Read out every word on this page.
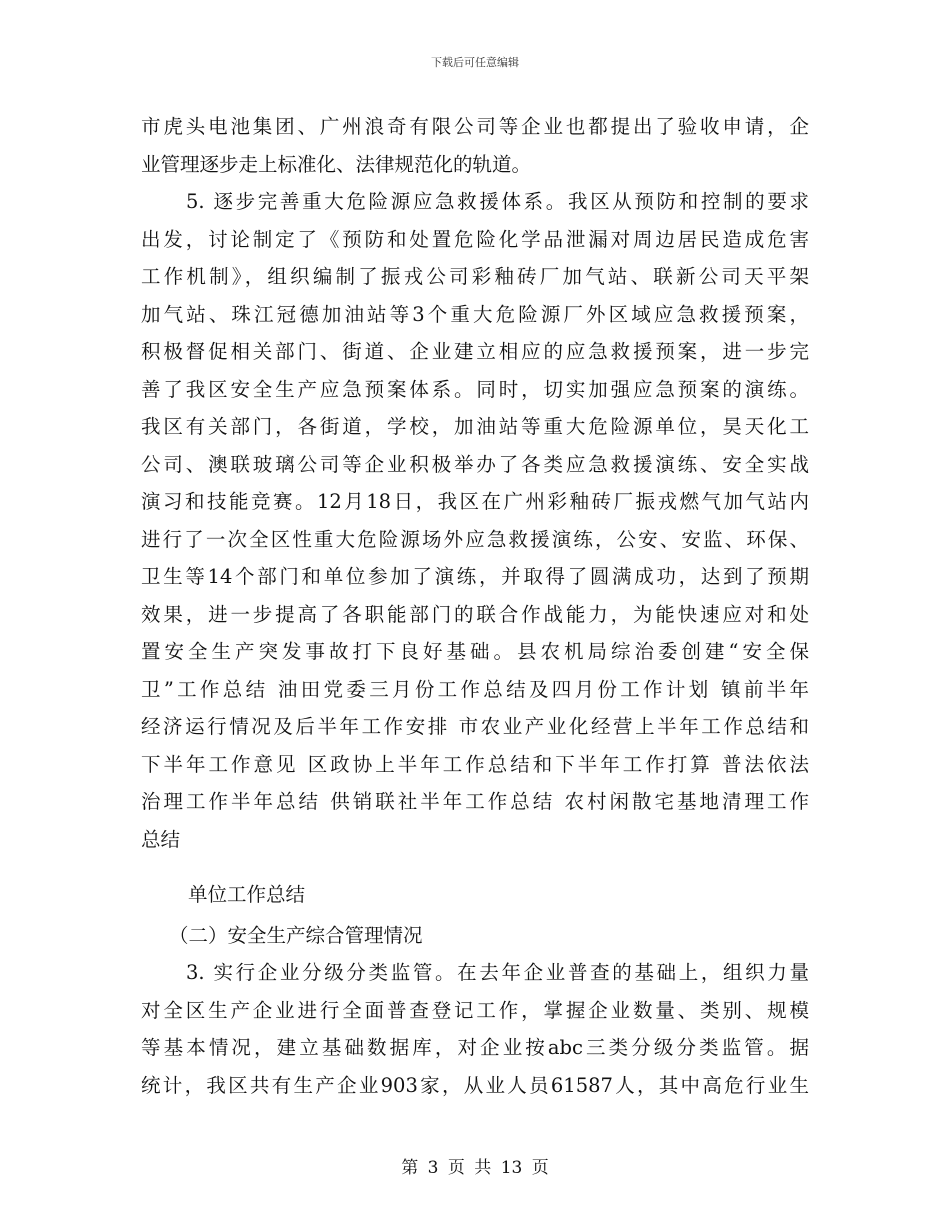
下载后可任意编辑
市虎头电池集团、广州浪奇有限公司等企业也都提出了验收申请，企
业管理逐步走上标准化、法律规范化的轨道。
5. 逐步完善重大危险源应急救援体系。我区从预防和控制的要求
出发，讨论制定了《预防和处置危险化学品泄漏对周边居民造成危害
工作机制》，组织编制了振戎公司彩釉砖厂加气站、联新公司天平架
加气站、珠江冠德加油站等3个重大危险源厂外区域应急救援预案，
积极督促相关部门、街道、企业建立相应的应急救援预案，进一步完
善了我区安全生产应急预案体系。同时，切实加强应急预案的演练。
我区有关部门，各街道，学校，加油站等重大危险源单位，昊天化工
公司、澳联玻璃公司等企业积极举办了各类应急救援演练、安全实战
演习和技能竞赛。12月18日，我区在广州彩釉砖厂振戎燃气加气站内
进行了一次全区性重大危险源场外应急救援演练，公安、安监、环保、
卫生等14个部门和单位参加了演练，并取得了圆满成功，达到了预期
效果，进一步提高了各职能部门的联合作战能力，为能快速应对和处
置安全生产突发事故打下良好基础。县农机局综治委创建“安全保
卫”工作总结 油田党委三月份工作总结及四月份工作计划 镇前半年
经济运行情况及后半年工作安排 市农业产业化经营上半年工作总结和
下半年工作意见 区政协上半年工作总结和下半年工作打算 普法依法
治理工作半年总结 供销联社半年工作总结 农村闲散宅基地清理工作
总结
单位工作总结
（二）安全生产综合管理情况
3. 实行企业分级分类监管。在去年企业普查的基础上，组织力量
对全区生产企业进行全面普查登记工作，掌握企业数量、类别、规模
等基本情况，建立基础数据库，对企业按abc三类分级分类监管。据
统计，我区共有生产企业903家，从业人员61587人，其中高危行业生
第 3 页 共 13 页
